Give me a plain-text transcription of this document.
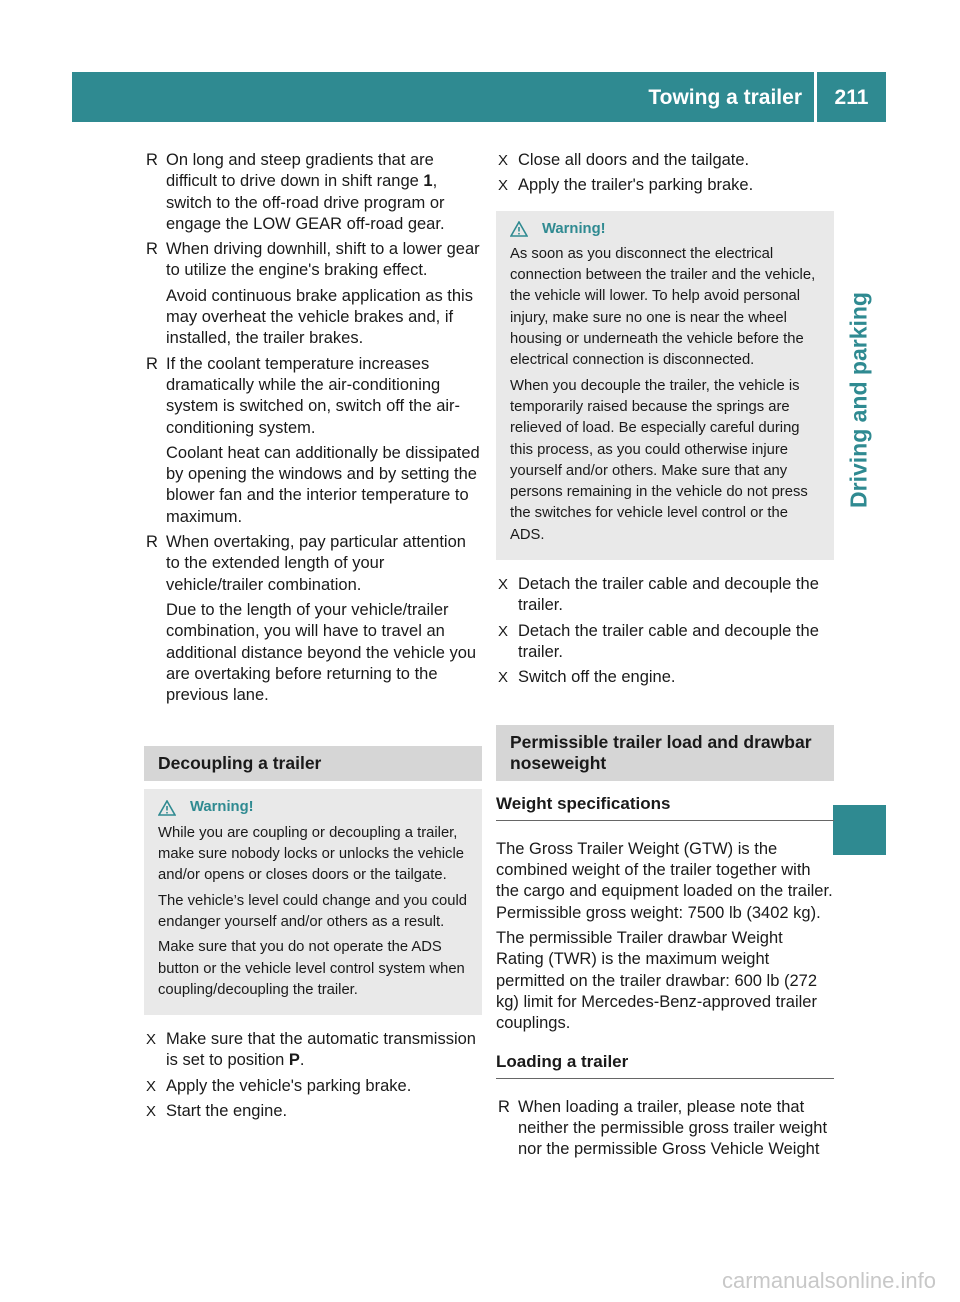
Towing a trailer	211
Driving and parking
R On long and steep gradients that are difficult to drive down in shift range 1, switch to the off-road drive program or engage the LOW GEAR off-road gear.
R When driving downhill, shift to a lower gear to utilize the engine's braking effect.
Avoid continuous brake application as this may overheat the vehicle brakes and, if installed, the trailer brakes.
R If the coolant temperature increases dramatically while the air-conditioning system is switched on, switch off the air-conditioning system.
Coolant heat can additionally be dissipated by opening the windows and by setting the blower fan and the interior temperature to maximum.
R When overtaking, pay particular attention to the extended length of your vehicle/trailer combination.
Due to the length of your vehicle/trailer combination, you will have to travel an additional distance beyond the vehicle you are overtaking before returning to the previous lane.
Decoupling a trailer
Warning!

While you are coupling or decoupling a trailer, make sure nobody locks or unlocks the vehicle and/or opens or closes doors or the tailgate.

The vehicle’s level could change and you could endanger yourself and/or others as a result.

Make sure that you do not operate the ADS button or the vehicle level control system when coupling/decoupling the trailer.

X Make sure that the automatic transmission is set to position P.
X Apply the vehicle's parking brake.
X Start the engine.
X Close all doors and the tailgate.
X Apply the trailer's parking brake.
Warning!

As soon as you disconnect the electrical connection between the trailer and the vehicle, the vehicle will lower. To help avoid personal injury, make sure no one is near the wheel housing or underneath the vehicle before the electrical connection is disconnected.

When you decouple the trailer, the vehicle is temporarily raised because the springs are relieved of load. Be especially careful during this process, as you could otherwise injure yourself and/or others. Make sure that any persons remaining in the vehicle do not press the switches for vehicle level control or the ADS.

X Detach the trailer cable and decouple the trailer.
X Detach the trailer cable and decouple the trailer.
X Switch off the engine.
Permissible trailer load and drawbar noseweight
Weight specifications

The Gross Trailer Weight (GTW) is the combined weight of the trailer together with the cargo and equipment loaded on the trailer. Permissible gross weight: 7500 lb (3402 kg).

The permissible Trailer drawbar Weight Rating (TWR) is the maximum weight permitted on the trailer drawbar: 600 lb (272 kg) limit for Mercedes-Benz-approved trailer couplings.

Loading a trailer
R When loading a trailer, please note that neither the permissible gross trailer weight nor the permissible Gross Vehicle Weight
carmanualsonline.info
